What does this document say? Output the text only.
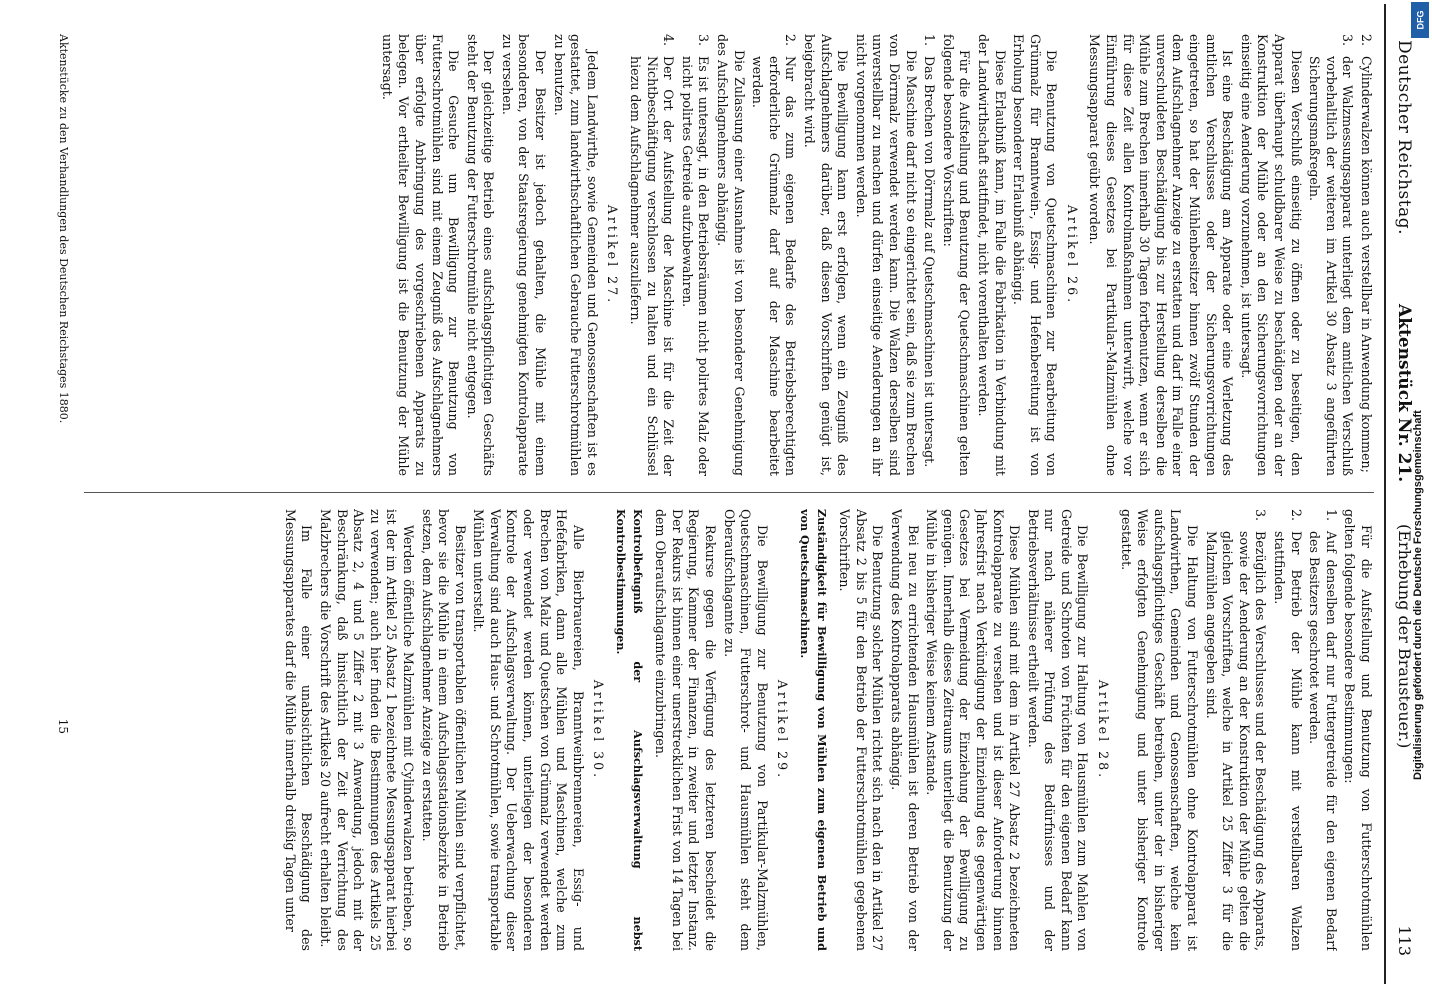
Deutscher Reichstag.
Aktenstück Nr. 21.
(Erhebung der Brausteuer.)
113

2.
Cylinderwalzen können auch verstellbar in Anwendung kommen;

3.
der Walzmessungsapparat unterliegt dem amtlichen Verschluß vorbehaltlich der weiteren im Artikel 30 Absatz 3 angeführten Sicherungsmaßregeln.

Diesen Verschluß einseitig zu öffnen oder zu beseitigen, den Apparat überhaupt schuldbarer Weise zu beschädigen oder an der Konstruktion der Mühle oder an den Sicherungsvorrichtungen einseitig eine Aenderung vorzunehmen, ist untersagt.

Ist eine Beschädigung am Apparate oder eine Verletzung des amtlichen Verschlusses oder der Sicherungsvorrichtungen eingetreten, so hat der Mühlenbesitzer binnen zwölf Stunden der dem Aufschlagnehmer Anzeige zu erstatten und darf im Falle einer unverschuldeten Beschädigung bis zur Herstellung derselben die Mühle zum Brechen innerhalb 30 Tagen fortbenutzen, wenn er sich für diese Zeit allen Kontrolmaßnahmen unterwirft, welche vor Einführung dieses Gesetzes bei Partikular-Malzmühlen ohne Messungsapparat geübt worden.

Artikel 26.

Die Benutzung von Quetschmaschinen zur Bearbeitung von Grünmalz für Branntwein-, Essig- und Hefenbereitung ist von Erholung besonderer Erlaubniß abhängig.

Diese Erlaubniß kann, im Falle die Fabrikation in Verbindung mit der Landwirthschaft stattfindet, nicht vorenthalten werden.

Für die Aufstellung und Benutzung der Quetschmaschinen gelten folgende besondere Vorschriften:

1.
Das Brechen von Dörrmalz auf Quetschmaschinen ist untersagt.

Die Maschine darf nicht so eingerichtet sein, daß sie zum Brechen von Dörrmalz verwendet werden kann. Die Walzen derselben sind unverstellbar zu machen und dürfen einseitige Aenderungen an ihr nicht vorgenommen werden.

Die Bewilligung kann erst erfolgen, wenn ein Zeugniß des Aufschlagnehmers darüber, daß diesen Vorschriften genügt ist, beigebracht wird.

2.
Nur das zum eigenen Bedarfe des Betriebsberechtigten erforderliche Grünmalz darf auf der Maschine bearbeitet werden.

Die Zulassung einer Ausnahme ist von besonderer Genehmigung des Aufschlagnehmers abhängig.

3.
Es ist untersagt, in den Betriebsräumen nicht polirtes Malz oder nicht polirtes Getreide aufzubewahren.

4.
Der Ort der Aufstellung der Maschine ist für die Zeit der Nichtbeschäftigung verschlossen zu halten und ein Schlüssel hiezu dem Aufschlagnehmer auszuliefern.

Artikel 27.

Jedem Landwirthe, sowie Gemeinden und Genossenschaften ist es gestattet, zum landwirthschaftlichen Gebrauche Futterschrotmühlen zu benutzen.

Der Besitzer ist jedoch gehalten, die Mühle mit einem besonderen, von der Staatsregierung genehmigten Kontrolapparate zu versehen.

Der gleichzeitige Betrieb eines aufschlagspflichtigen Geschäfts steht der Benutzung der Futterschrotmühle nicht entgegen.

Die Gesuche um Bewilligung zur Benutzung von Futterschrotmühlen sind mit einem Zeugniß des Aufschlagnehmers über erfolgte Anbringung des vorgeschriebenen Apparats zu belegen. Vor ertheilter Bewilligung ist die Benutzung der Mühle untersagt.

Für die Aufstellung und Benutzung von Futterschrotmühlen gelten folgende besondere Bestimmungen:

1.
Auf denselben darf nur Futtergetreide für den eigenen Bedarf des Besitzers geschrotet werden.

2.
Der Betrieb der Mühle kann mit verstellbaren Walzen stattfinden.

3.
Bezüglich des Verschlusses und der Beschädigung des Apparats, sowie der Aenderung an der Konstruktion der Mühle gelten die gleichen Vorschriften, welche in Artikel 25 Ziffer 3 für die Malzmühlen angegeben sind.

Die Haltung von Futterschrotmühlen ohne Kontrolapparat ist Landwirthen, Gemeinden und Genossenschaften, welche kein aufschlagspflichtiges Geschäft betreiben, unter der in bisheriger Weise erfolgten Genehmigung und unter bisheriger Kontrole gestattet.

Artikel 28.

Die Bewilligung zur Haltung von Hausmühlen zum Mahlen von Getreide und Schroten von Früchten für den eigenen Bedarf kann nur nach näherer Prüfung des Bedürfnisses und der Betriebsverhältnisse ertheilt werden.

Diese Mühlen sind mit dem in Artikel 27 Absatz 2 bezeichneten Kontrolapparate zu versehen und ist dieser Anforderung binnen Jahresfrist nach Verkündigung der Einziehung des gegenwärtigen Gesetzes bei Vermeidung der Einziehung der Bewilligung zu genügen. Innerhalb dieses Zeitraums unterliegt die Benutzung der Mühle in bisheriger Weise keinem Anstande.

Bei neu zu errichtenden Hausmühlen ist deren Betrieb von der Verwendung des Kontrolapparats abhängig.

Die Benutzung solcher Mühlen richtet sich nach den in Artikel 27 Absatz 2 bis 5 für den Betrieb der Futterschrotmühlen gegebenen Vorschriften.

Zuständigkeit für Bewilligung von Mühlen zum eigenen Betrieb und von Quetschmaschinen.

Artikel 29.

Die Bewilligung zur Benutzung von Partikular-Malzmühlen, Quetschmaschinen, Futterschrot- und Hausmühlen steht dem Oberaufschlagamte zu.

Rekurse gegen die Verfügung des letzteren bescheidet die Regierung, Kammer der Finanzen, in zweiter und letzter Instanz. Der Rekurs ist binnen einer unerstrecklichen Frist von 14 Tagen bei dem Oberaufschlagamte einzubringen.

Kontrolbefugniß der Aufschlagsverwaltung nebst Kontrolbestimmungen.

Artikel 30.

Alle Bierbrauereien, Branntweinbrennereien, Essig- und Hefefabriken, dann alle Mühlen und Maschinen, welche zum Brechen von Malz und Quetschen von Grünmalz verwendet werden oder verwendet werden können, unterliegen der besonderen Kontrole der Aufschlagsverwaltung. Der Ueberwachung dieser Verwaltung sind auch Haus- und Schrotmühlen, sowie transportable Mühlen unterstellt.

Besitzer von transportablen öffentlichen Mühlen sind verpflichtet, bevor sie die Mühle in einem Aufschlagsstationsbezirke in Betrieb setzen, dem Aufschlagnehmer Anzeige zu erstatten.

Werden öffentliche Malzmühlen mit Cylinderwalzen betrieben, so ist der im Artikel 25 Absatz 1 bezeichnete Messungsapparat hierbei zu verwenden; auch hier finden die Bestimmungen des Artikels 25 Absatz 2, 4 und 5 Ziffer 2 mit 3 Anwendung, jedoch mit der Beschränkung, daß hinsichtlich der Zeit der Verrichtung des Malzbrechers die Vorschrift des Artikels 20 aufrecht erhalten bleibt.

Im Falle einer unabsichtlichen Beschädigung des Messungsapparates darf die Mühle innerhalb dreißig Tagen unter

Aktenstücke zu den Verhandlungen des Deutschen Reichstages 1880.
15
DFG
Digitalisierung gefördert durch die Deutsche Forschungsgemeinschaft
